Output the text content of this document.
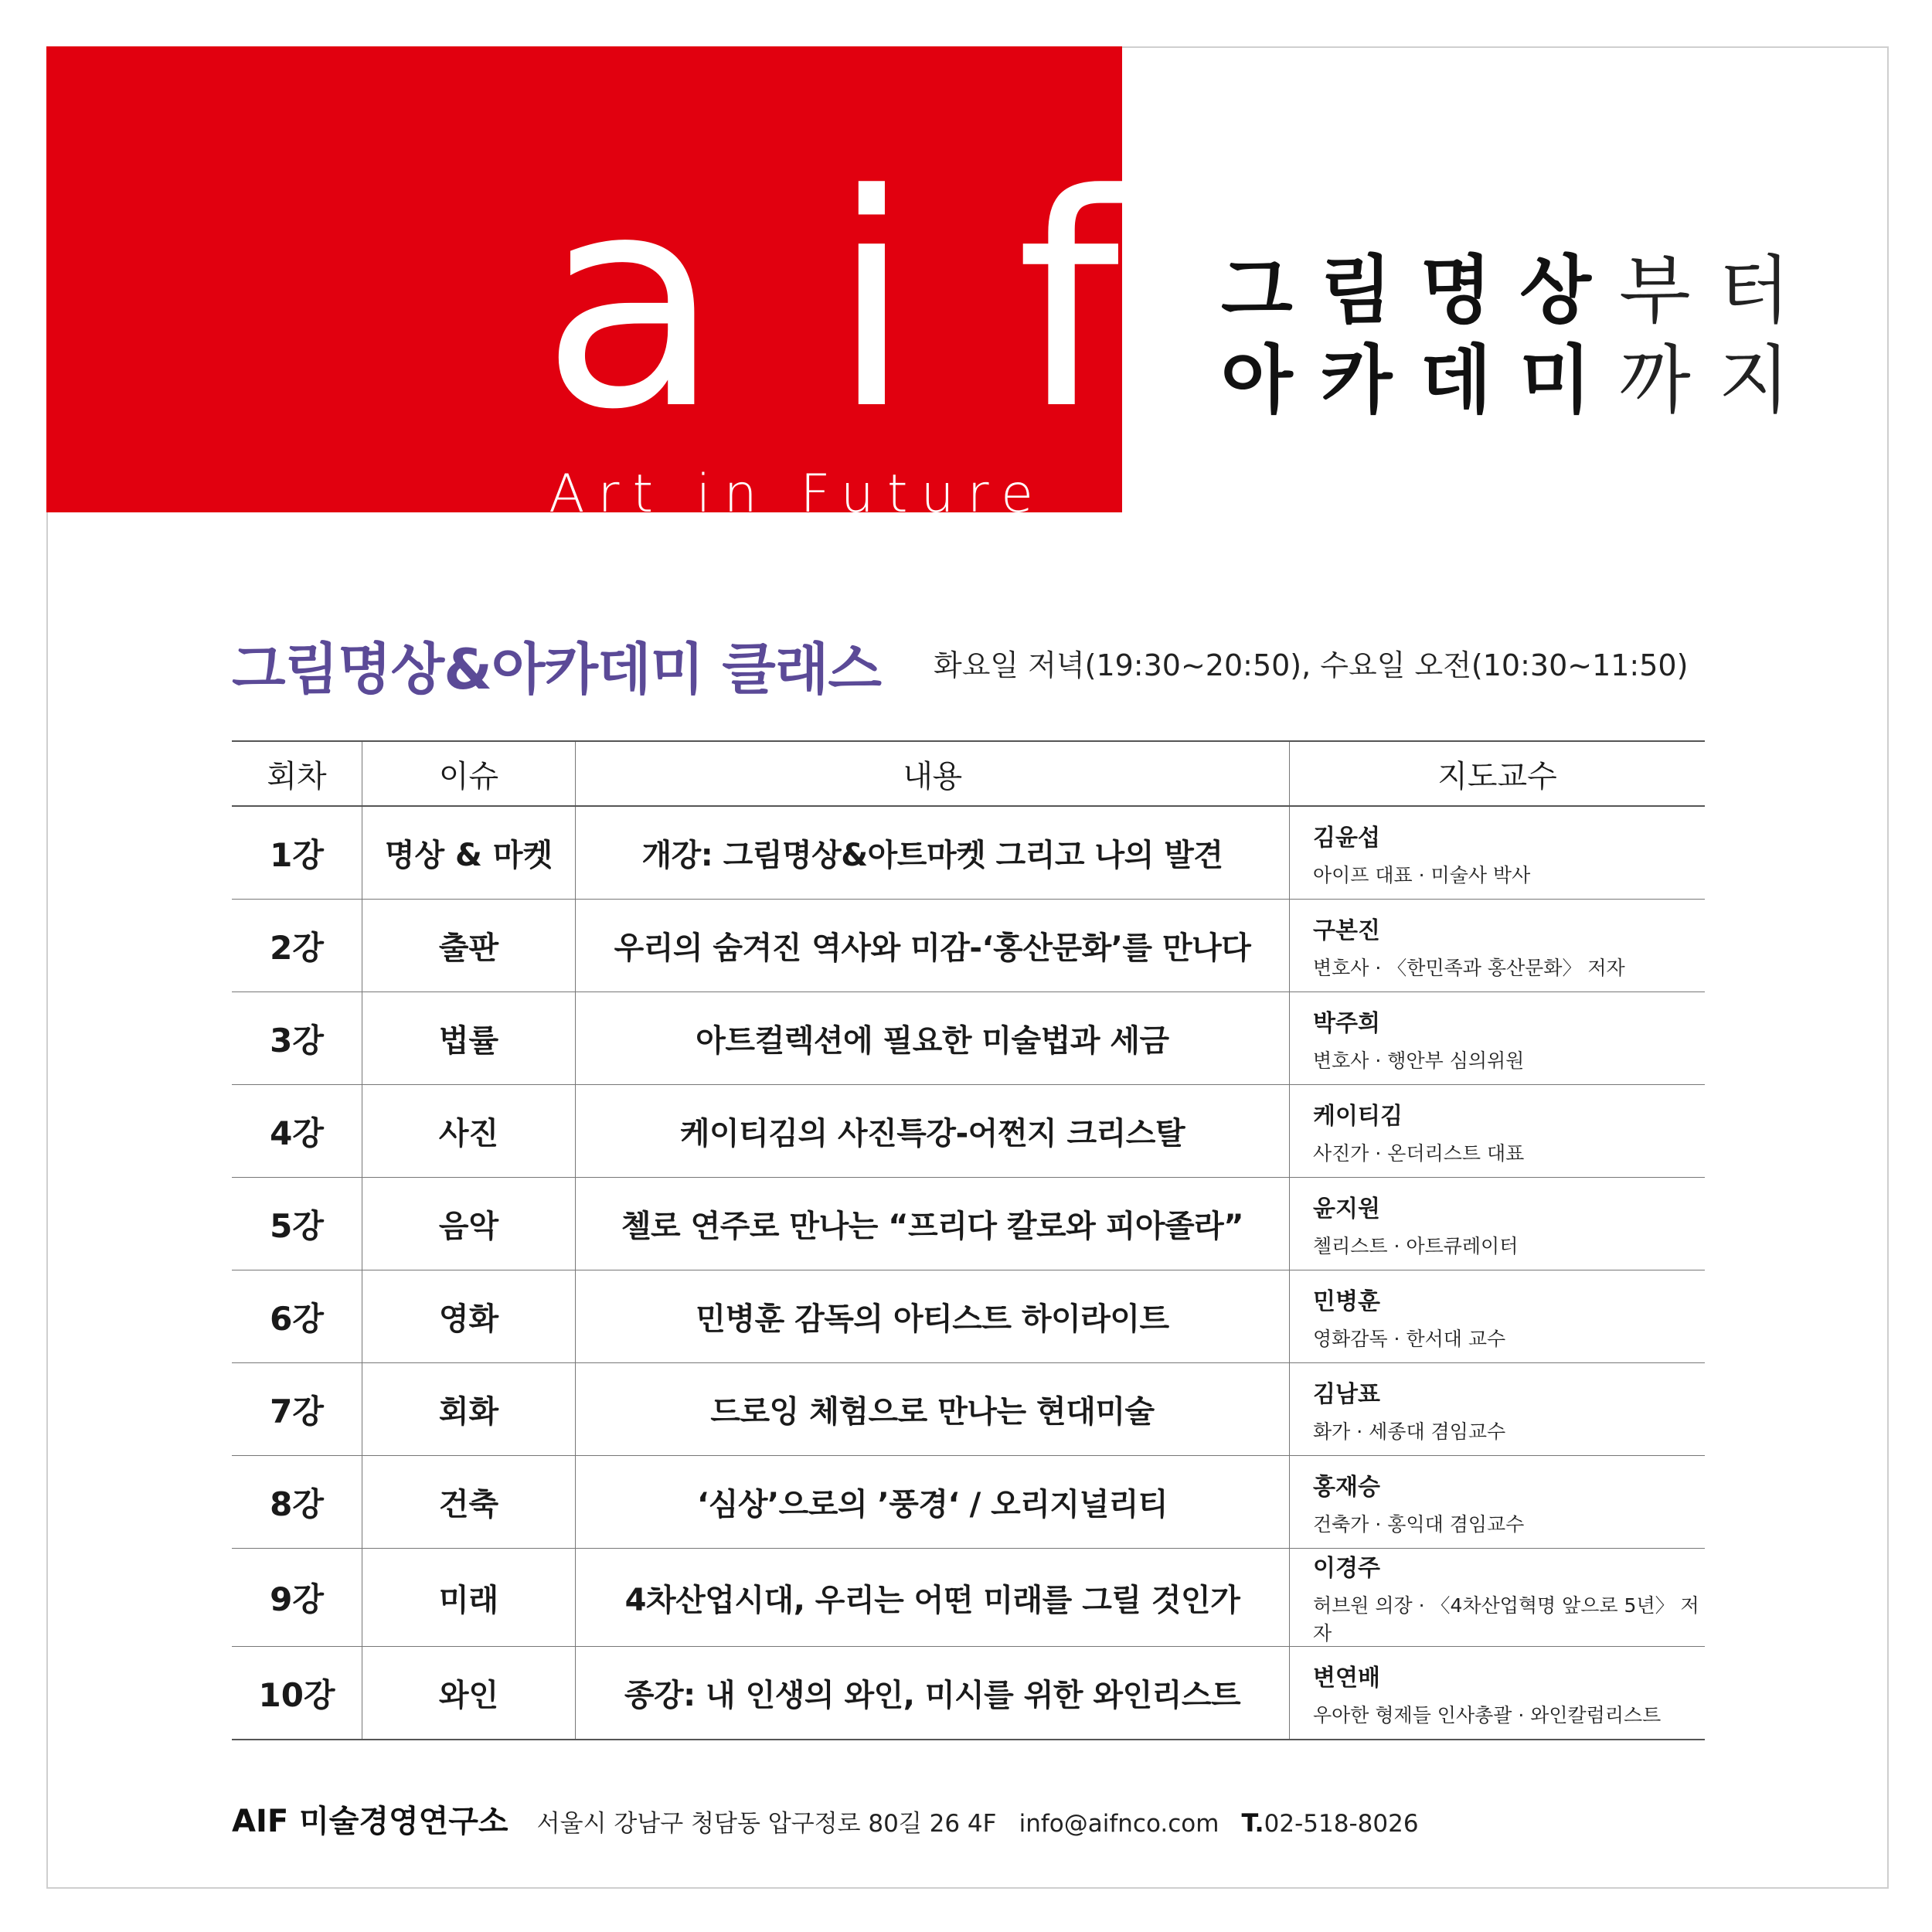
a i f
Art in Future
그림명상부터
아카데미까지
그림명상&아카데미 클래스 화요일 저녁(19:30~20:50), 수요일 오전(10:30~11:50)
회차	이슈	내용	지도교수
1강	명상 & 마켓	개강: 그림명상&아트마켓 그리고 나의 발견	김윤섭
아이프 대표 · 미술사 박사

2강	출판	우리의 숨겨진 역사와 미감-‘홍산문화’를 만나다	구본진
변호사 · 〈한민족과 홍산문화〉 저자

3강	법률	아트컬렉션에 필요한 미술법과 세금	박주희
변호사 · 행안부 심의위원

4강	사진	케이티김의 사진특강-어쩐지 크리스탈	케이티김
사진가 · 온더리스트 대표

5강	음악	첼로 연주로 만나는 “프리다 칼로와 피아졸라”	윤지원
첼리스트 · 아트큐레이터

6강	영화	민병훈 감독의 아티스트 하이라이트	민병훈
영화감독 · 한서대 교수

7강	회화	드로잉 체험으로 만나는 현대미술	김남표
화가 · 세종대 겸임교수

8강	건축	‘심상’으로의 ’풍경‘ / 오리지널리티	홍재승
건축가 · 홍익대 겸임교수

9강	미래	4차산업시대, 우리는 어떤 미래를 그릴 것인가	이경주
허브원 의장 · 〈4차산업혁명 앞으로 5년〉 저자

10강	와인	종강: 내 인생의 와인, 미시를 위한 와인리스트	변연배
우아한 형제들 인사총괄 · 와인칼럼리스트
AIF 미술경영연구소 서울시 강남구 청담동 압구정로 80길 26 4F info@aifnco.com T.02-518-8026
